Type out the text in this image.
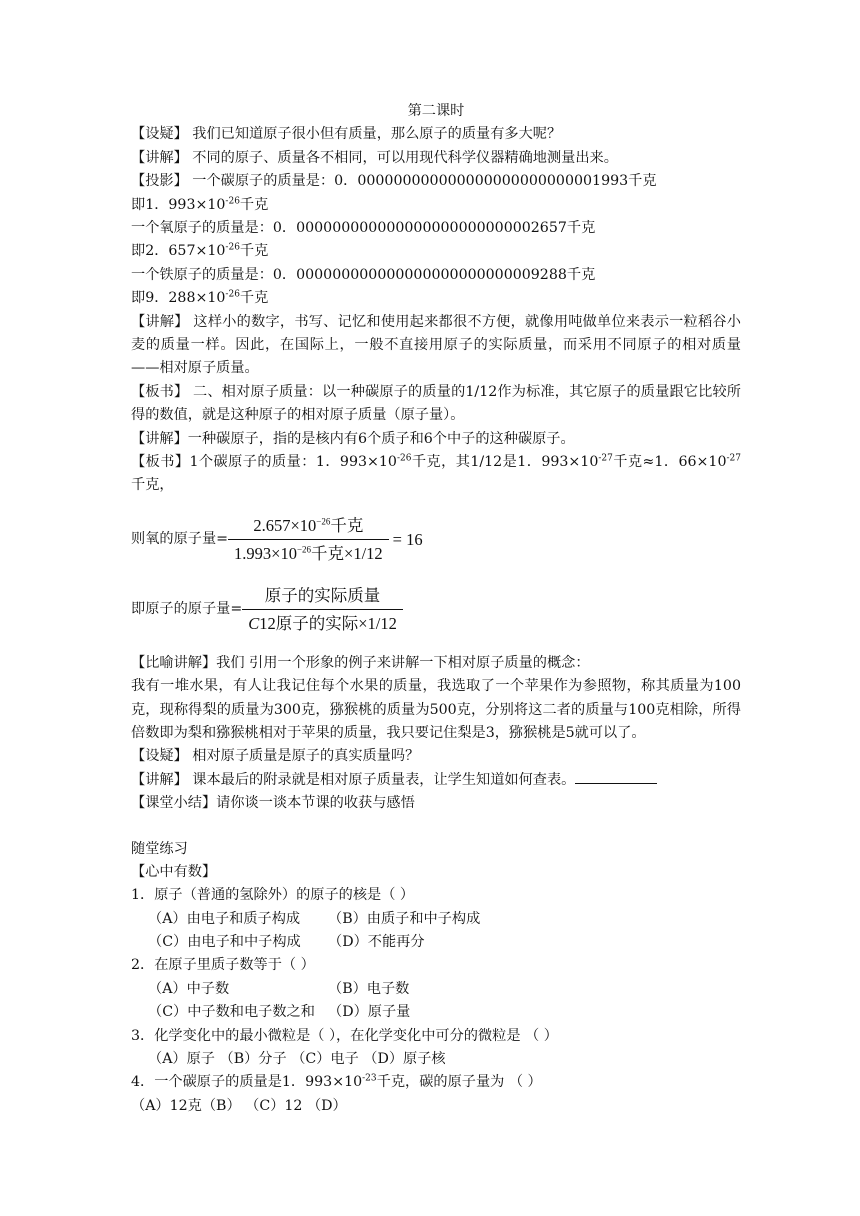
第二课时
【设疑】 我们已知道原子很小但有质量，那么原子的质量有多大呢？
【讲解】 不同的原子、质量各不相同，可以用现代科学仪器精确地测量出来。
【投影】 一个碳原子的质量是：0．000000000000000000000000001993千克
即1．$993\times 10^{-26}$千克
一个氧原子的质量是：0．000000000000000000000000002657千克
即2．$657\times 10^{-26}$千克
一个铁原子的质量是：0．000000000000000000000000009288千克
即9．$288\times 10^{-26}$千克
【讲解】 这样小的数字，书写、记忆和使用起来都很不方便，就像用吨做单位来表示一粒稻谷小麦的质量一样。因此，在国际上，一般不直接用原子的实际质量，而采用不同原子的相对质量——相对原子质量。
【板书】 二、相对原子质量：以一种碳原子的质量的1/12作为标准，其它原子的质量跟它比较所得的数值，就是这种原子的相对原子质量（原子量）。
【讲解】一种碳原子，指的是核内有6个质子和6个中子的这种碳原子。
【板书】1个碳原子的质量：1．$993\times 10^{-26}$千克，其1/12是1．$993\times 10^{-27}$千克≈1．$66\times 10^{-27}$千克，
则氧的原子量= $\frac{2.657\times 10^{-26}千克}{1.993\times 10^{-26}千克\times 1/12} = 16$
即原子的原子量= $\frac{\text{原子的实际质量}}{\text{C12原子的实际×1/12}}$
【比喻讲解】我们 引用一个形象的例子来讲解一下相对原子质量的概念：
我有一堆水果，有人让我记住每个水果的质量，我选取了一个苹果作为参照物，称其质量为100克，现称得梨的质量为300克，猕猴桃的质量为500克，分别将这二者的质量与100克相除，所得倍数即为梨和猕猴桃相对于苹果的质量，我只要记住梨是3，猕猴桃是5就可以了。
【设疑】 相对原子质量是原子的真实质量吗？
【讲解】 课本最后的附录就是相对原子质量表，让学生知道如何查表。
【课堂小结】请你谈一谈本节课的收获与感悟
随堂练习
【心中有数】
1．原子（普通的氢除外）的原子的核是（ ）
（A）由电子和质子构成 （B）由质子和中子构成
（C）由电子和中子构成 （D）不能再分
2．在原子里质子数等于（ ）
（A）中子数	（B）电子数
（C）中子数和电子数之和 （D）原子量
3．化学变化中的最小微粒是（ ），在化学变化中可分的微粒是 （ ）
（A）原子 （B）分子 （C）电子 （D）原子核
4．一个碳原子的质量是1．$993\times 10^{-23}$千克，碳的原子量为 （ ）
（A）12克（B） （C）12 （D）
